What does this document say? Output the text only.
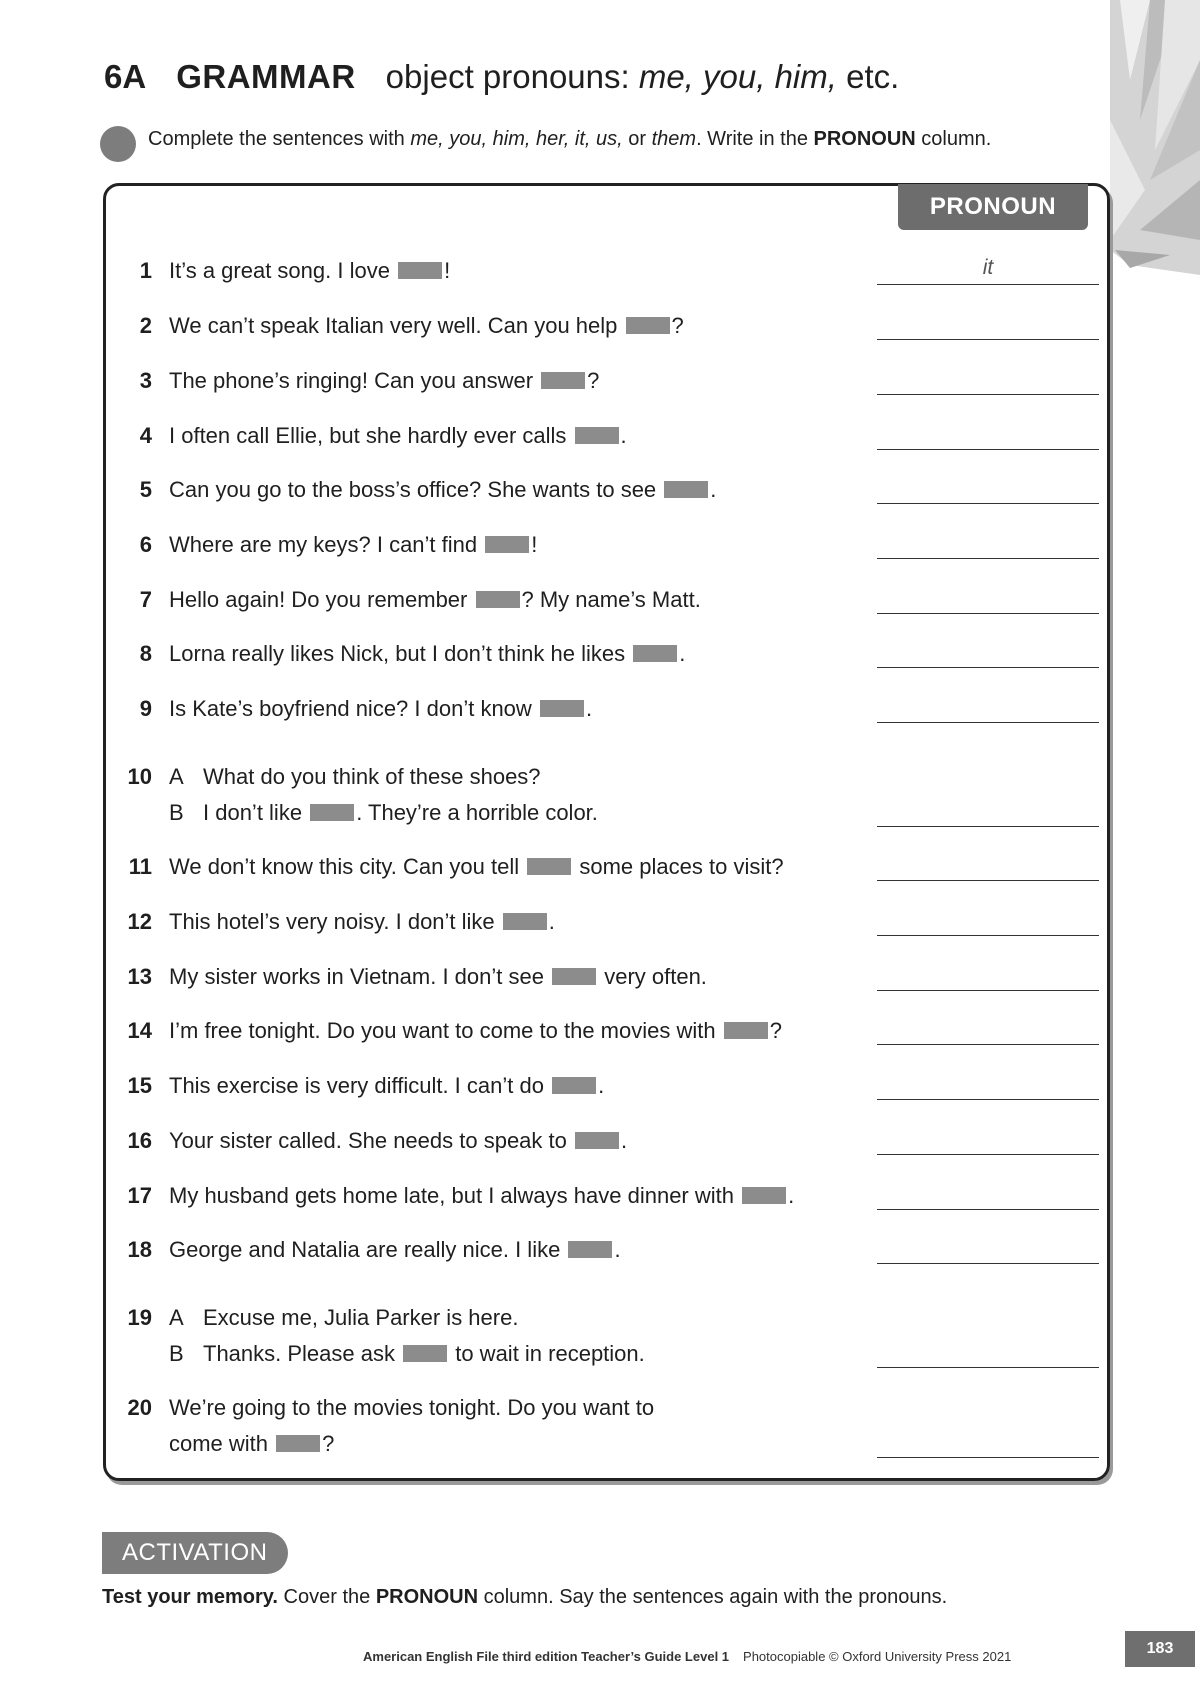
6A GRAMMAR object pronouns: me, you, him, etc.
Complete the sentences with me, you, him, her, it, us, or them. Write in the PRONOUN column.
PRONOUN
1 It’s a great song. I love !	it
2 We can’t speak Italian very well. Can you help ?
3 The phone’s ringing! Can you answer ?
4 I often call Ellie, but she hardly ever calls .
5 Can you go to the boss’s office? She wants to see .
6 Where are my keys? I can’t find !
7 Hello again! Do you remember ? My name’s Matt.
8 Lorna really likes Nick, but I don’t think he likes .
9 Is Kate’s boyfriend nice? I don’t know .
10 A What do you think of these shoes?
B I don’t like . They’re a horrible color.
11 We don’t know this city. Can you tell  some places to visit?
12 This hotel’s very noisy. I don’t like .
13 My sister works in Vietnam. I don’t see  very often.
14 I’m free tonight. Do you want to come to the movies with ?
15 This exercise is very difficult. I can’t do .
16 Your sister called. She needs to speak to .
17 My husband gets home late, but I always have dinner with .
18 George and Natalia are really nice. I like .
19 A Excuse me, Julia Parker is here.
B Thanks. Please ask  to wait in reception.
20 We’re going to the movies tonight. Do you want to
come with ?
ACTIVATION
Test your memory. Cover the PRONOUN column. Say the sentences again with the pronouns.
American English File third edition Teacher’s Guide Level 1 Photocopiable © Oxford University Press 2021	183
